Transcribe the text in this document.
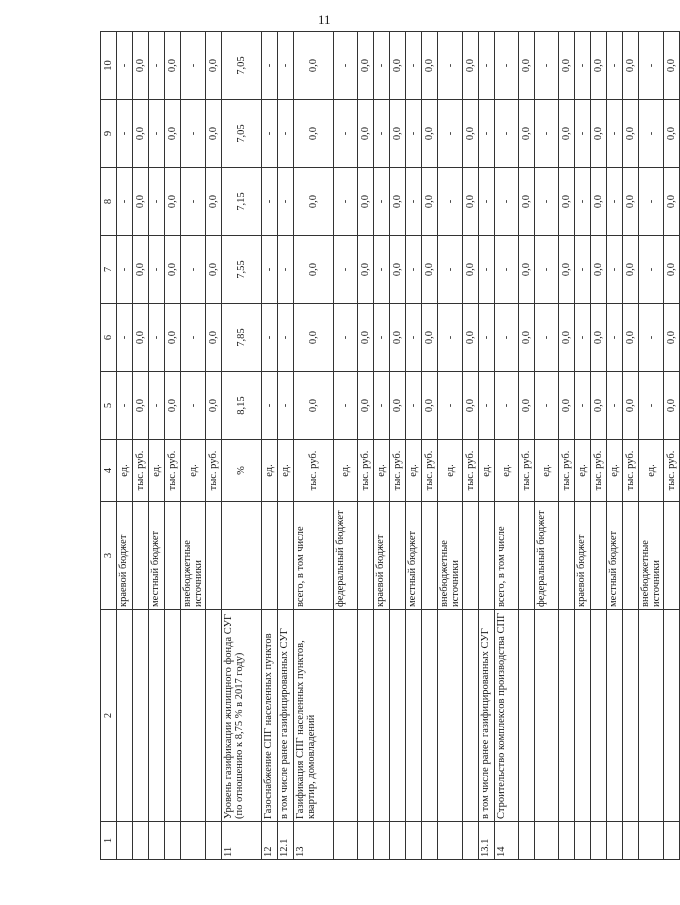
11
1	2	3	4	5	6	7	8	9	10
		краевой бюджет	ед.	-	-	-	-	-	-
			тыс. руб.	0,0	0,0	0,0	0,0	0,0	0,0
		местный бюджет	ед.	-	-	-	-	-	-
			тыс. руб.	0,0	0,0	0,0	0,0	0,0	0,0
		внебюджетные источники	ед.	-	-	-	-	-	-
			тыс. руб.	0,0	0,0	0,0	0,0	0,0	0,0
11	Уровень газификации жилищного фонда СУГ (по отношению к 8,75 % в 2017 году)		%	8,15	7,85	7,55	7,15	7,05	7,05
12	Газоснабжение СПГ населенных пунктов		ед.	-	-	-	-	-	-
12.1	в том числе ранее газифицированных СУГ		ед.	-	-	-	-	-	-
13	Газификация СПГ населенных пунктов, квартир, домовладений	всего, в том числе	тыс. руб.	0,0	0,0	0,0	0,0	0,0	0,0
		федеральный бюджет	ед.	-	-	-	-	-	-
			тыс. руб.	0,0	0,0	0,0	0,0	0,0	0,0
		краевой бюджет	ед.	-	-	-	-	-	-
			тыс. руб.	0,0	0,0	0,0	0,0	0,0	0,0
		местный бюджет	ед.	-	-	-	-	-	-
			тыс. руб.	0,0	0,0	0,0	0,0	0,0	0,0
		внебюджетные источники	ед.	-	-	-	-	-	-
			тыс. руб.	0,0	0,0	0,0	0,0	0,0	0,0
13.1	в том числе ранее газифицированных СУГ		ед.	-	-	-	-	-	-
14	Строительство комплексов производства СПГ	всего, в том числе	ед.	-	-	-	-	-	-
			тыс. руб.	0,0	0,0	0,0	0,0	0,0	0,0
		федеральный бюджет	ед.	-	-	-	-	-	-
			тыс. руб.	0,0	0,0	0,0	0,0	0,0	0,0
		краевой бюджет	ед.	-	-	-	-	-	-
			тыс. руб.	0,0	0,0	0,0	0,0	0,0	0,0
		местный бюджет	ед.	-	-	-	-	-	-
			тыс. руб.	0,0	0,0	0,0	0,0	0,0	0,0
		внебюджетные источники	ед.	-	-	-	-	-	-
			тыс. руб.	0,0	0,0	0,0	0,0	0,0	0,0
